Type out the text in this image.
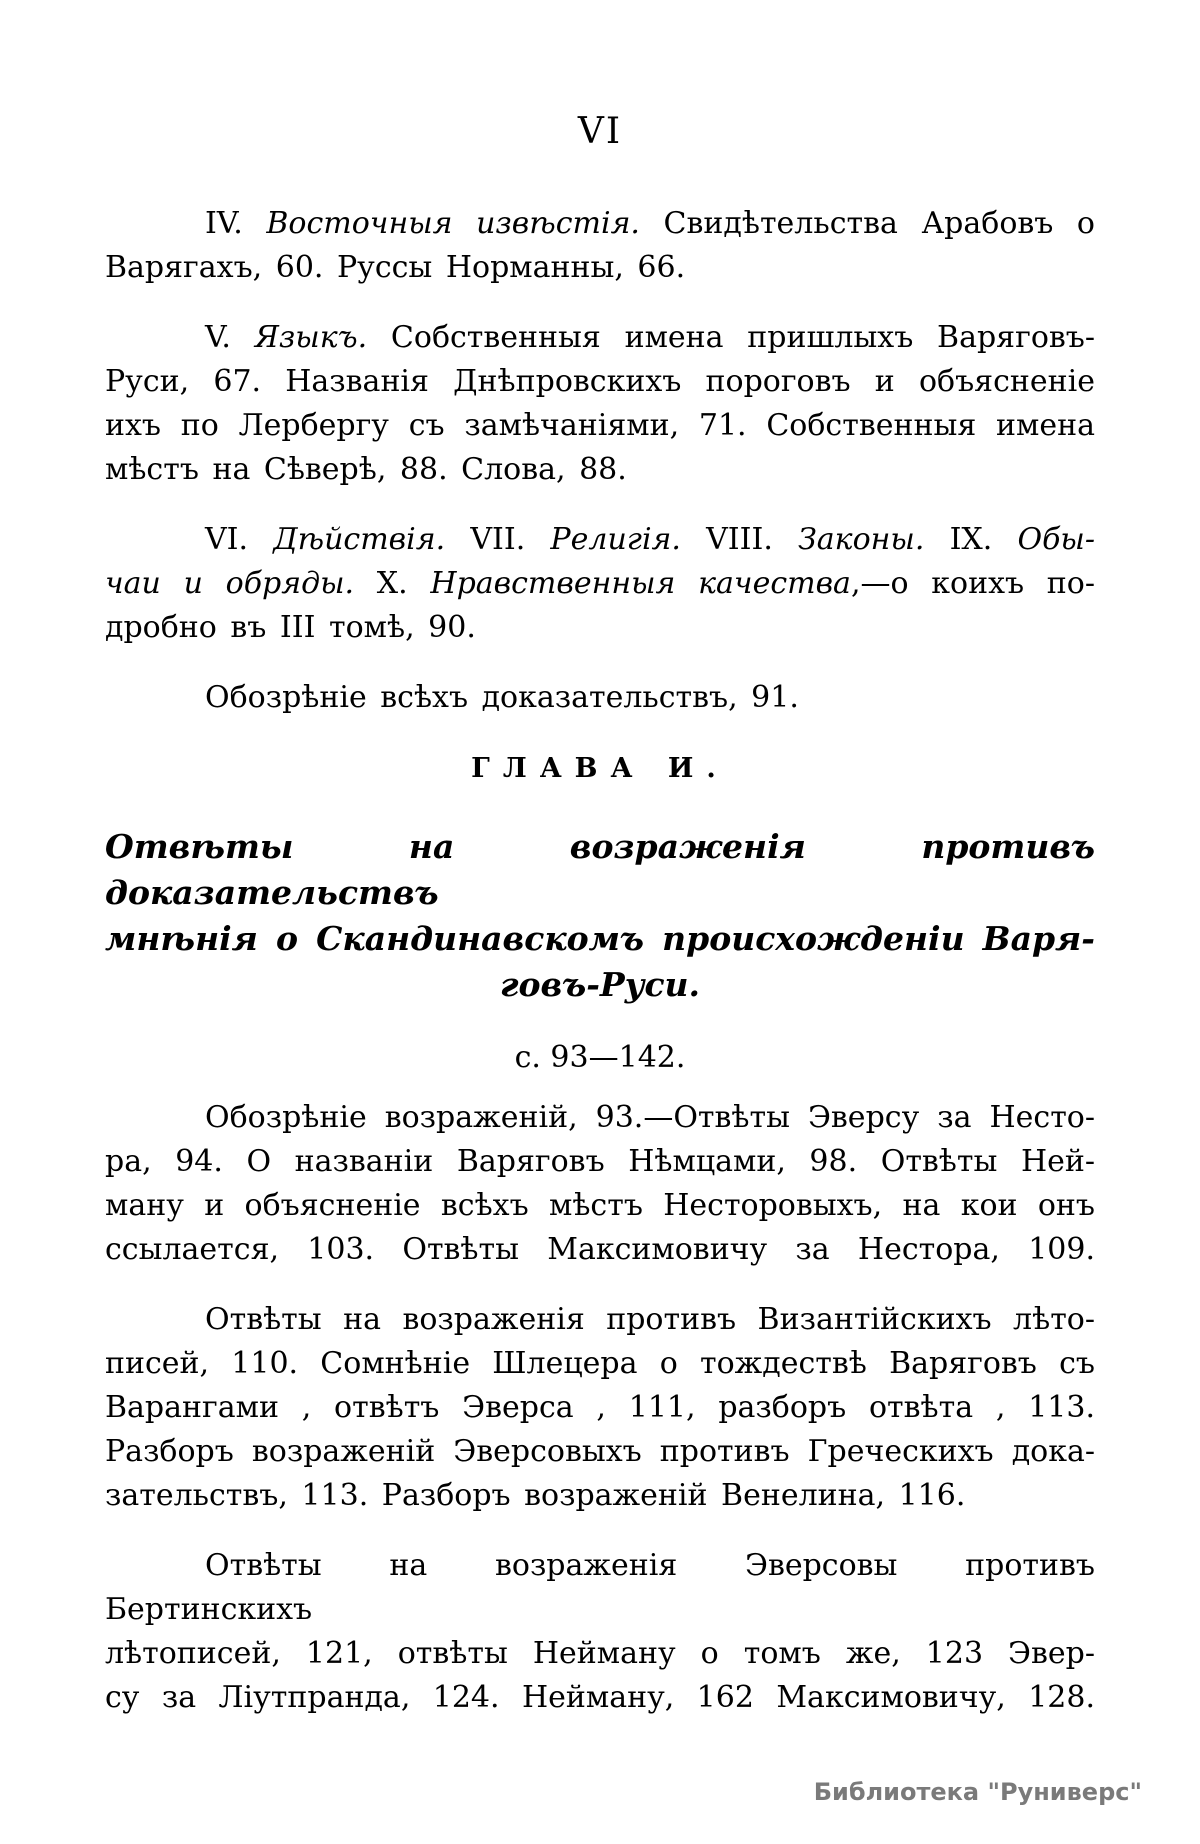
VI
IV. Восточныя извѣстія. Свидѣтельства Арабовъ о
Варягахъ, 60. Руссы Норманны, 66.
V. Языкъ. Собственныя имена пришлыхъ Варяговъ-
Руси, 67. Названія Днѣпровскихъ пороговъ и объясненіе
ихъ по Лербергу съ замѣчаніями, 71. Собственныя имена
мѣстъ на Сѣверѣ, 88. Слова, 88.
VI. Дѣйствія. VII. Религія. VIII. Законы. IX. Обы-
чаи и обряды. X. Нравственныя качества,—о коихъ по-
дробно въ III томѣ, 90.
Обозрѣніе всѣхъ доказательствъ, 91.
ГЛАВА И.
Отвѣты на возраженія противъ доказательствъ
мнѣнія о Скандинавскомъ происхожденіи Варя-
говъ-Руси.
с. 93—142.
Обозрѣніе возраженій, 93.—Отвѣты Эверсу за Несто-
ра, 94. О названіи Варяговъ Нѣмцами, 98. Отвѣты Ней-
ману и объясненіе всѣхъ мѣстъ Несторовыхъ, на кои онъ
ссылается, 103. Отвѣты Максимовичу за Нестора, 109.
Отвѣты на возраженія противъ Византійскихъ лѣто-
писей, 110. Сомнѣніе Шлецера о тождествѣ Варяговъ съ
Варангами , отвѣтъ Эверса , 111, разборъ отвѣта , 113.
Разборъ возраженій Эверсовыхъ противъ Греческихъ дока-
зательствъ, 113. Разборъ возраженій Венелина, 116.
Отвѣты на возраженія Эверсовы противъ Бертинскихъ
лѣтописей, 121, отвѣты Нейману о томъ же, 123 Эвер-
су за Ліутпранда, 124. Нейману, 162 Максимовичу, 128.
Библиотека "Руниверс"
